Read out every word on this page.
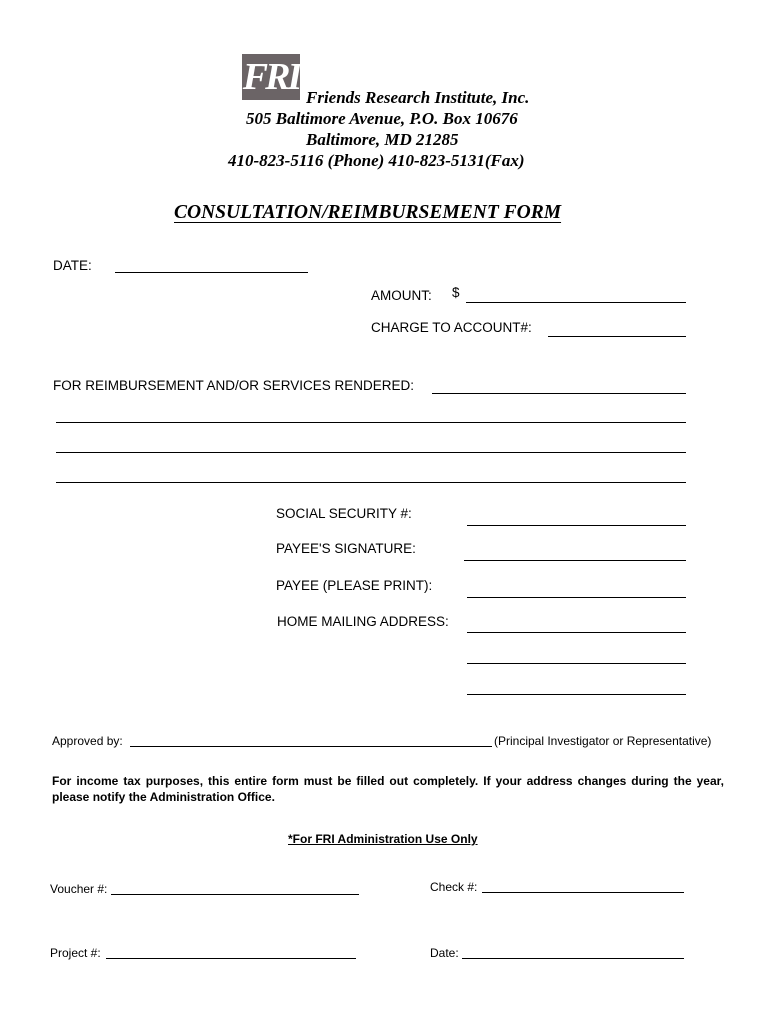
FRI Friends Research Institute, Inc.
505 Baltimore Avenue, P.O. Box 10676
Baltimore, MD 21285
410-823-5116 (Phone) 410-823-5131(Fax)
CONSULTATION/REIMBURSEMENT FORM
DATE:
AMOUNT: $
CHARGE TO ACCOUNT#:
FOR REIMBURSEMENT AND/OR SERVICES RENDERED:
SOCIAL SECURITY #:
PAYEE'S SIGNATURE:
PAYEE (PLEASE PRINT):
HOME MAILING ADDRESS:
Approved by:	(Principal Investigator or Representative)
For income tax purposes, this entire form must be filled out completely. If your address changes during the year, please notify the Administration Office.
*For FRI Administration Use Only
Voucher #:	Check #:
Project #:	Date:
